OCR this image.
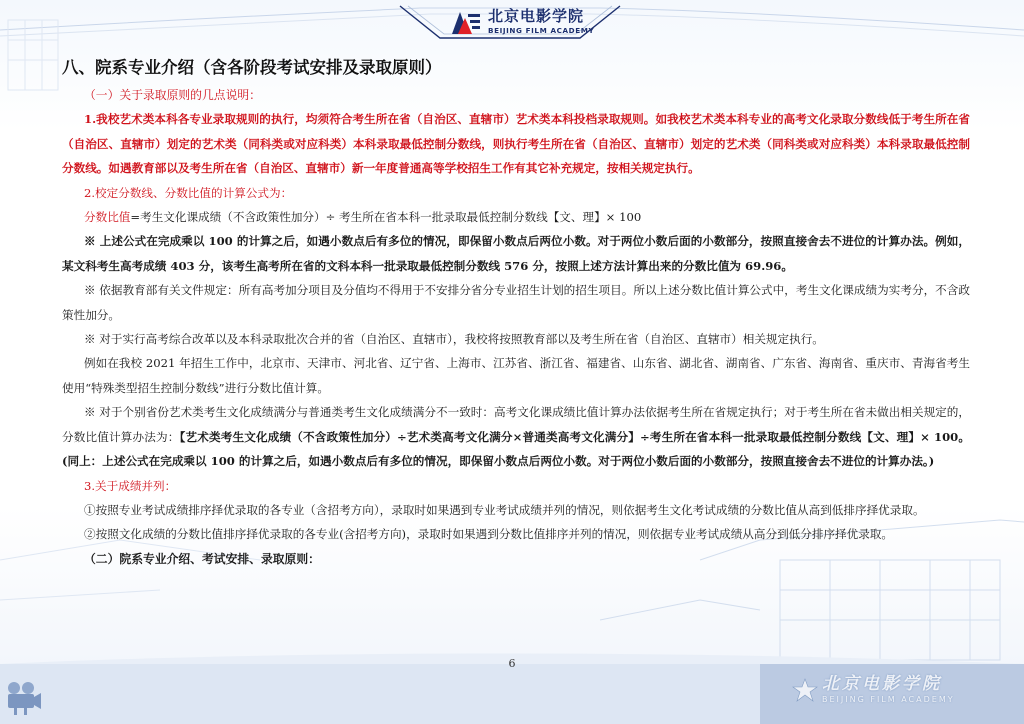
北京电影学院
BEIJING FILM ACADEMY
八、院系专业介绍（含各阶段考试安排及录取原则）

（一）关于录取原则的几点说明：

1.我校艺术类本科各专业录取规则的执行，均须符合考生所在省（自治区、直辖市）艺术类本科投档录取规则。如我校艺术类本科专业的高考文化录取分数线低于考生所在省（自治区、直辖市）划定的艺术类（同科类或对应科类）本科录取最低控制分数线，则执行考生所在省（自治区、直辖市）划定的艺术类（同科类或对应科类）本科录取最低控制分数线。如遇教育部以及考生所在省（自治区、直辖市）新一年度普通高等学校招生工作有其它补充规定，按相关规定执行。

2.校定分数线、分数比值的计算公式为：

分数比值=考生文化课成绩（不含政策性加分）÷ 考生所在省本科一批录取最低控制分数线【文、理】× 100

※ 上述公式在完成乘以 100 的计算之后，如遇小数点后有多位的情况，即保留小数点后两位小数。对于两位小数后面的小数部分，按照直接舍去不进位的计算办法。例如，某文科考生高考成绩 403 分，该考生高考所在省的文科本科一批录取最低控制分数线 576 分，按照上述方法计算出来的分数比值为 69.96。

※ 依据教育部有关文件规定：所有高考加分项目及分值均不得用于不安排分省分专业招生计划的招生项目。所以上述分数比值计算公式中，考生文化课成绩为实考分，不含政策性加分。

※ 对于实行高考综合改革以及本科录取批次合并的省（自治区、直辖市），我校将按照教育部以及考生所在省（自治区、直辖市）相关规定执行。

例如在我校 2021 年招生工作中，北京市、天津市、河北省、辽宁省、上海市、江苏省、浙江省、福建省、山东省、湖北省、湖南省、广东省、海南省、重庆市、青海省考生使用“特殊类型招生控制分数线”进行分数比值计算。

※ 对于个别省份艺术类考生文化成绩满分与普通类考生文化成绩满分不一致时：高考文化课成绩比值计算办法依据考生所在省规定执行；对于考生所在省未做出相关规定的，分数比值计算办法为：【艺术类考生文化成绩（不含政策性加分）÷艺术类高考文化满分×普通类高考文化满分】÷考生所在省本科一批录取最低控制分数线【文、理】× 100。(同上：上述公式在完成乘以 100 的计算之后，如遇小数点后有多位的情况，即保留小数点后两位小数。对于两位小数后面的小数部分，按照直接舍去不进位的计算办法。)

3.关于成绩并列：

①按照专业考试成绩排序择优录取的各专业（含招考方向），录取时如果遇到专业考试成绩并列的情况，则依据考生文化考试成绩的分数比值从高到低排序择优录取。

②按照文化成绩的分数比值排序择优录取的各专业(含招考方向)，录取时如果遇到分数比值排序并列的情况，则依据专业考试成绩从高分到低分排序择优录取。

（二）院系专业介绍、考试安排、录取原则：

6
北京电影学院
BEIJING FILM ACADEMY
